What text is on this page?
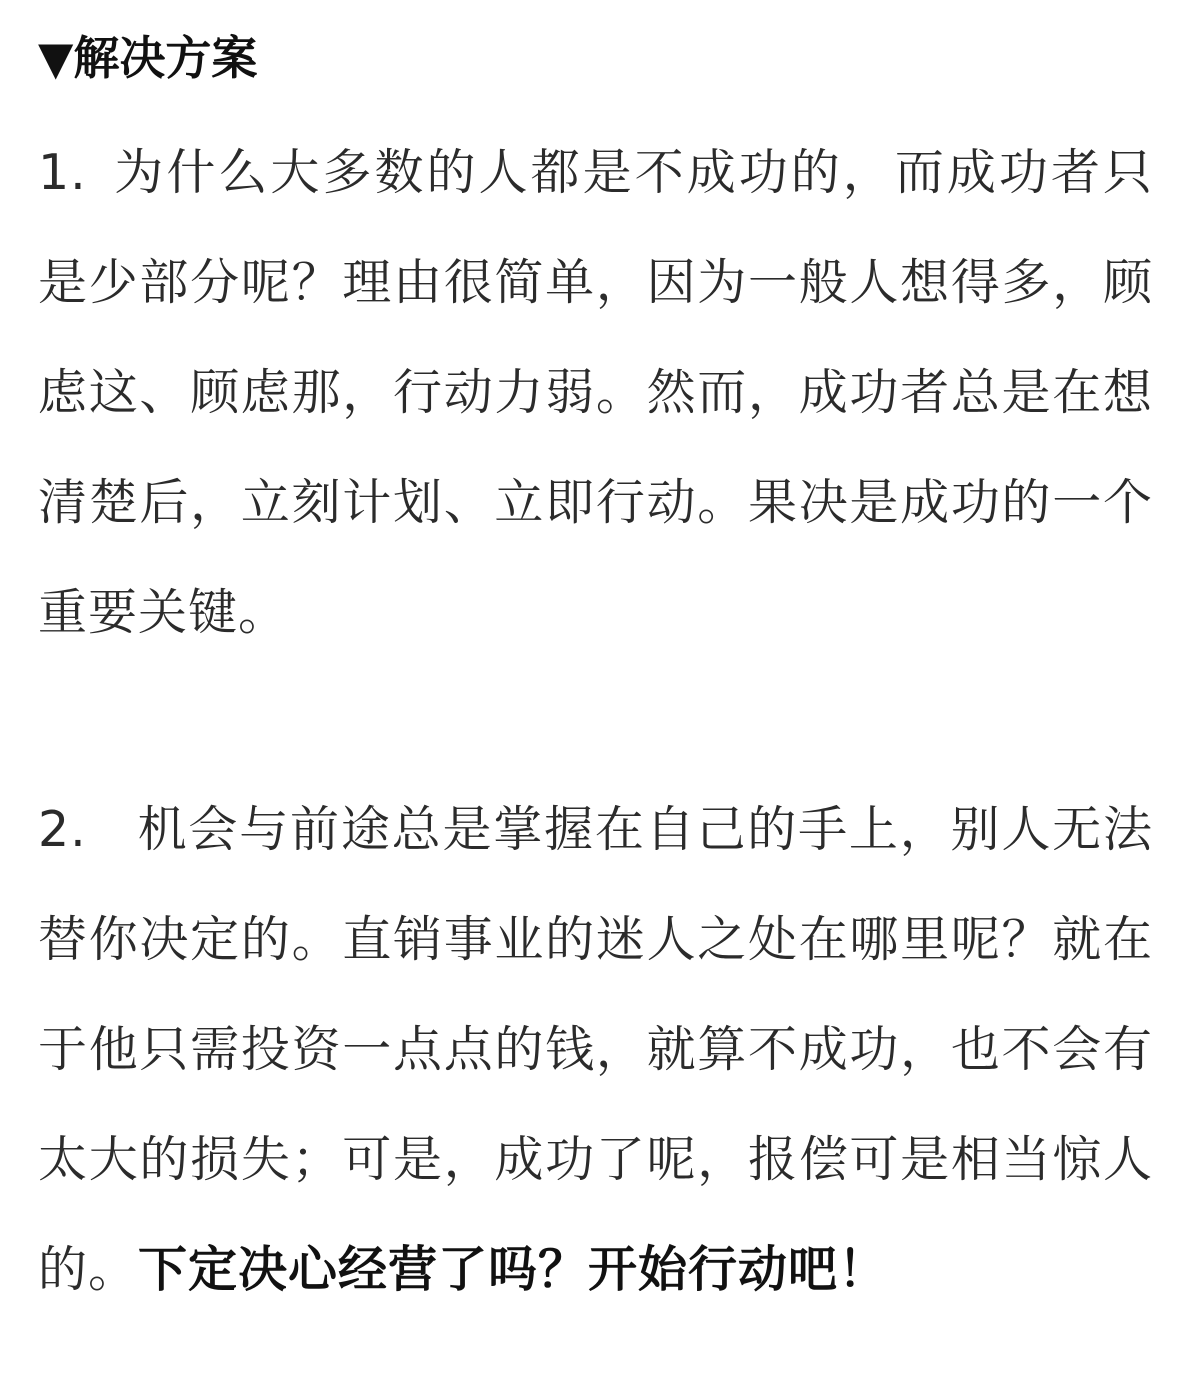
▼解决方案

1.  为什么大多数的人都是不成功的，而成功者只是少部分呢？理由很简单，因为一般人想得多，顾虑这、顾虑那，行动力弱。然而，成功者总是在想清楚后，立刻计划、立即行动。果决是成功的一个重要关键。

2.  机会与前途总是掌握在自己的手上，别人无法替你决定的。直销事业的迷人之处在哪里呢？就在于他只需投资一点点的钱，就算不成功，也不会有太大的损失；可是，成功了呢，报偿可是相当惊人的。下定决心经营了吗？开始行动吧！
